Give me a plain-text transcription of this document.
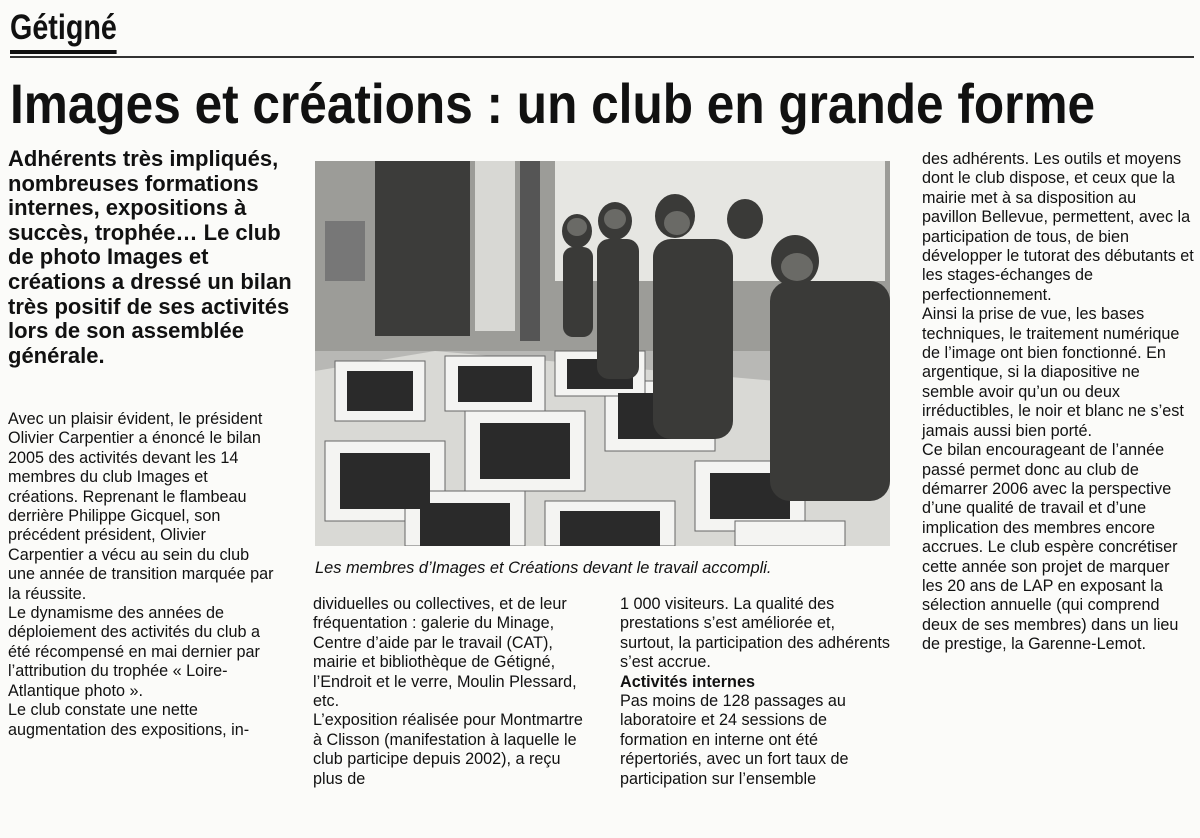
Gétigné
Images et créations : un club en grande forme

Adhérents très impliqués, nombreuses formations internes, expositions à succès, trophée… Le club de photo Images et créations a dressé un bilan très positif de ses activités lors de son assemblée générale.

Les membres d’Images et Créations devant le travail accompli.

Avec un plaisir évident, le président Olivier Carpentier a énoncé le bilan 2005 des activités devant les 14 membres du club Images et créations. Reprenant le flambeau derrière Philippe Gicquel, son précédent président, Olivier Carpentier a vécu au sein du club une année de transition marquée par la réussite.

Le dynamisme des années de déploiement des activités du club a été récompensé en mai dernier par l’attribution du trophée « Loire-Atlantique photo ».

Le club constate une nette augmentation des expositions, in-

dividuelles ou collectives, et de leur fréquentation : galerie du Minage, Centre d’aide par le travail (CAT), mairie et bibliothèque de Gétigné, l’Endroit et le verre, Moulin Plessard, etc.

L’exposition réalisée pour Montmartre à Clisson (manifestation à laquelle le club participe depuis 2002), a reçu plus de

1 000 visiteurs. La qualité des prestations s’est améliorée et, surtout, la participation des adhérents s’est accrue.

Activités internes

Pas moins de 128 passages au laboratoire et 24 sessions de formation en interne ont été répertoriés, avec un fort taux de participation sur l’ensemble

des adhérents. Les outils et moyens dont le club dispose, et ceux que la mairie met à sa disposition au pavillon Bellevue, permettent, avec la participation de tous, de bien développer le tutorat des débutants et les stages-échanges de perfectionnement.

Ainsi la prise de vue, les bases techniques, le traitement numérique de l’image ont bien fonctionné. En argentique, si la diapositive ne semble avoir qu’un ou deux irréductibles, le noir et blanc ne s’est jamais aussi bien porté.

Ce bilan encourageant de l’année passé permet donc au club de démarrer 2006 avec la perspective d’une qualité de travail et d’une implication des membres encore accrues. Le club espère concrétiser cette année son projet de marquer les 20 ans de LAP en exposant la sélection annuelle (qui comprend deux de ses membres) dans un lieu de prestige, la Garenne-Lemot.
